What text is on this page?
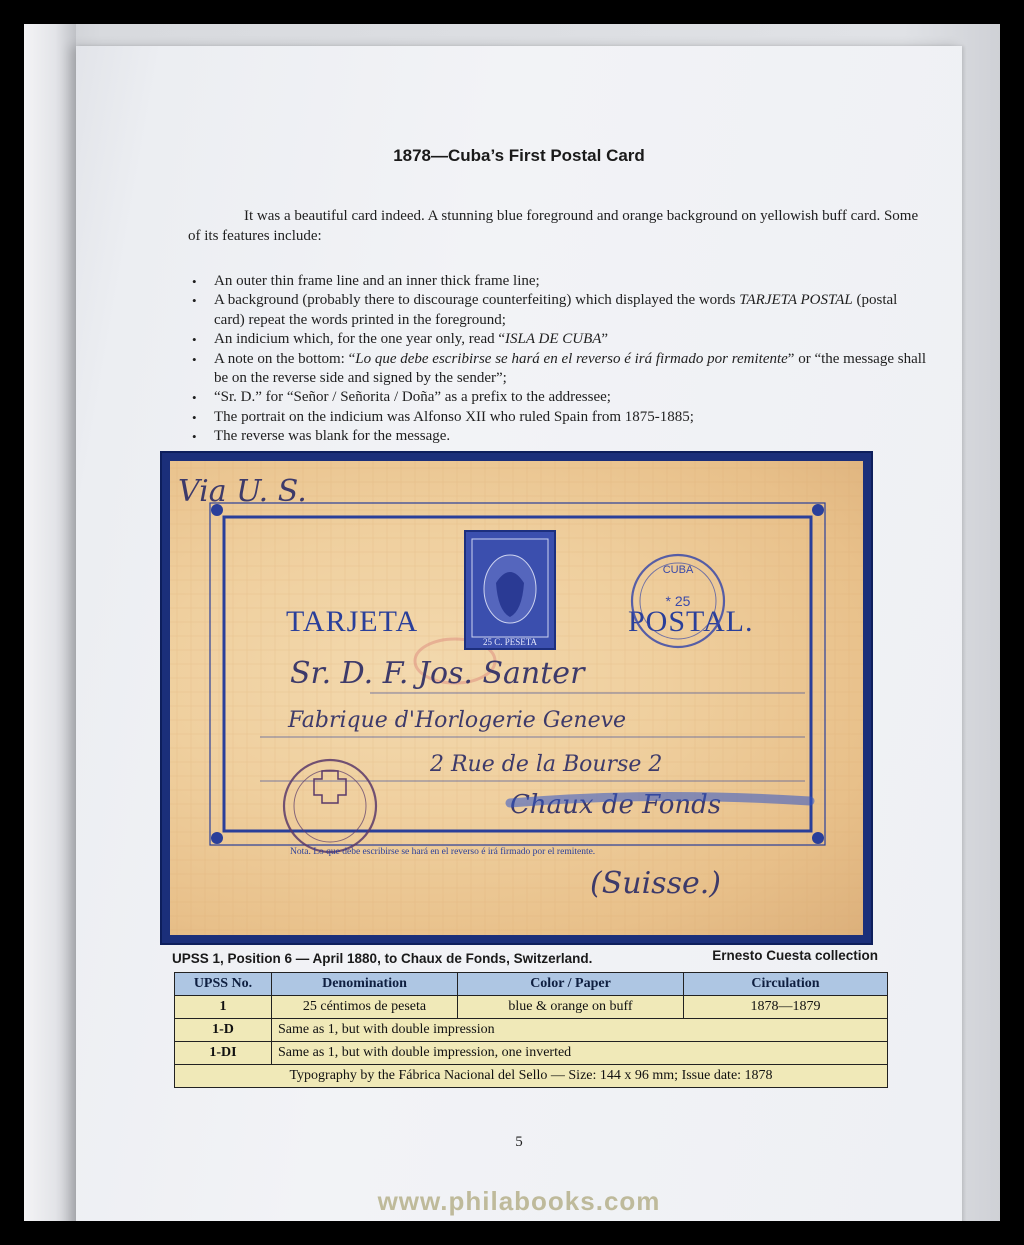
1878—Cuba’s First Postal Card

It was a beautiful card indeed. A stunning blue foreground and orange background on yellowish buff card. Some of its features include:

• An outer thin frame line and an inner thick frame line;
• A background (probably there to discourage counterfeiting) which displayed the words TARJETA POSTAL (postal card) repeat the words printed in the foreground;
• An indicium which, for the one year only, read “ISLA DE CUBA”
• A note on the bottom: “Lo que debe escribirse se hará en el reverso é irá firmado por remitente” or “the message shall be on the reverse side and signed by the sender”;
• “Sr. D.” for “Señor / Señorita / Doña” as a prefix to the addressee;
• The portrait on the indicium was Alfonso XII who ruled Spain from 1875-1885;
• The reverse was blank for the message.
25 C. PESETA
TARJETA	POSTAL.
CUBA
* 25
Nota. Lo que debe escribirse se hará en el reverso é irá firmado por el remitente.
Via U. S.
Sr. D. F. Jos. Santer
Fabrique d'Horlogerie Geneve
2 Rue de la Bourse 2
Chaux de Fonds
(Suisse.)
UPSS 1, Position 6 — April 1880, to Chaux de Fonds, Switzerland.	Ernesto Cuesta collection
UPSS No.	Denomination	Color / Paper	Circulation
1	25 céntimos de peseta	blue & orange on buff	1878—1879
1-D	Same as 1, but with double impression
1-DI	Same as 1, but with double impression, one inverted
Typography by the Fábrica Nacional del Sello — Size: 144 x 96 mm; Issue date: 1878
5
www.philabooks.com
